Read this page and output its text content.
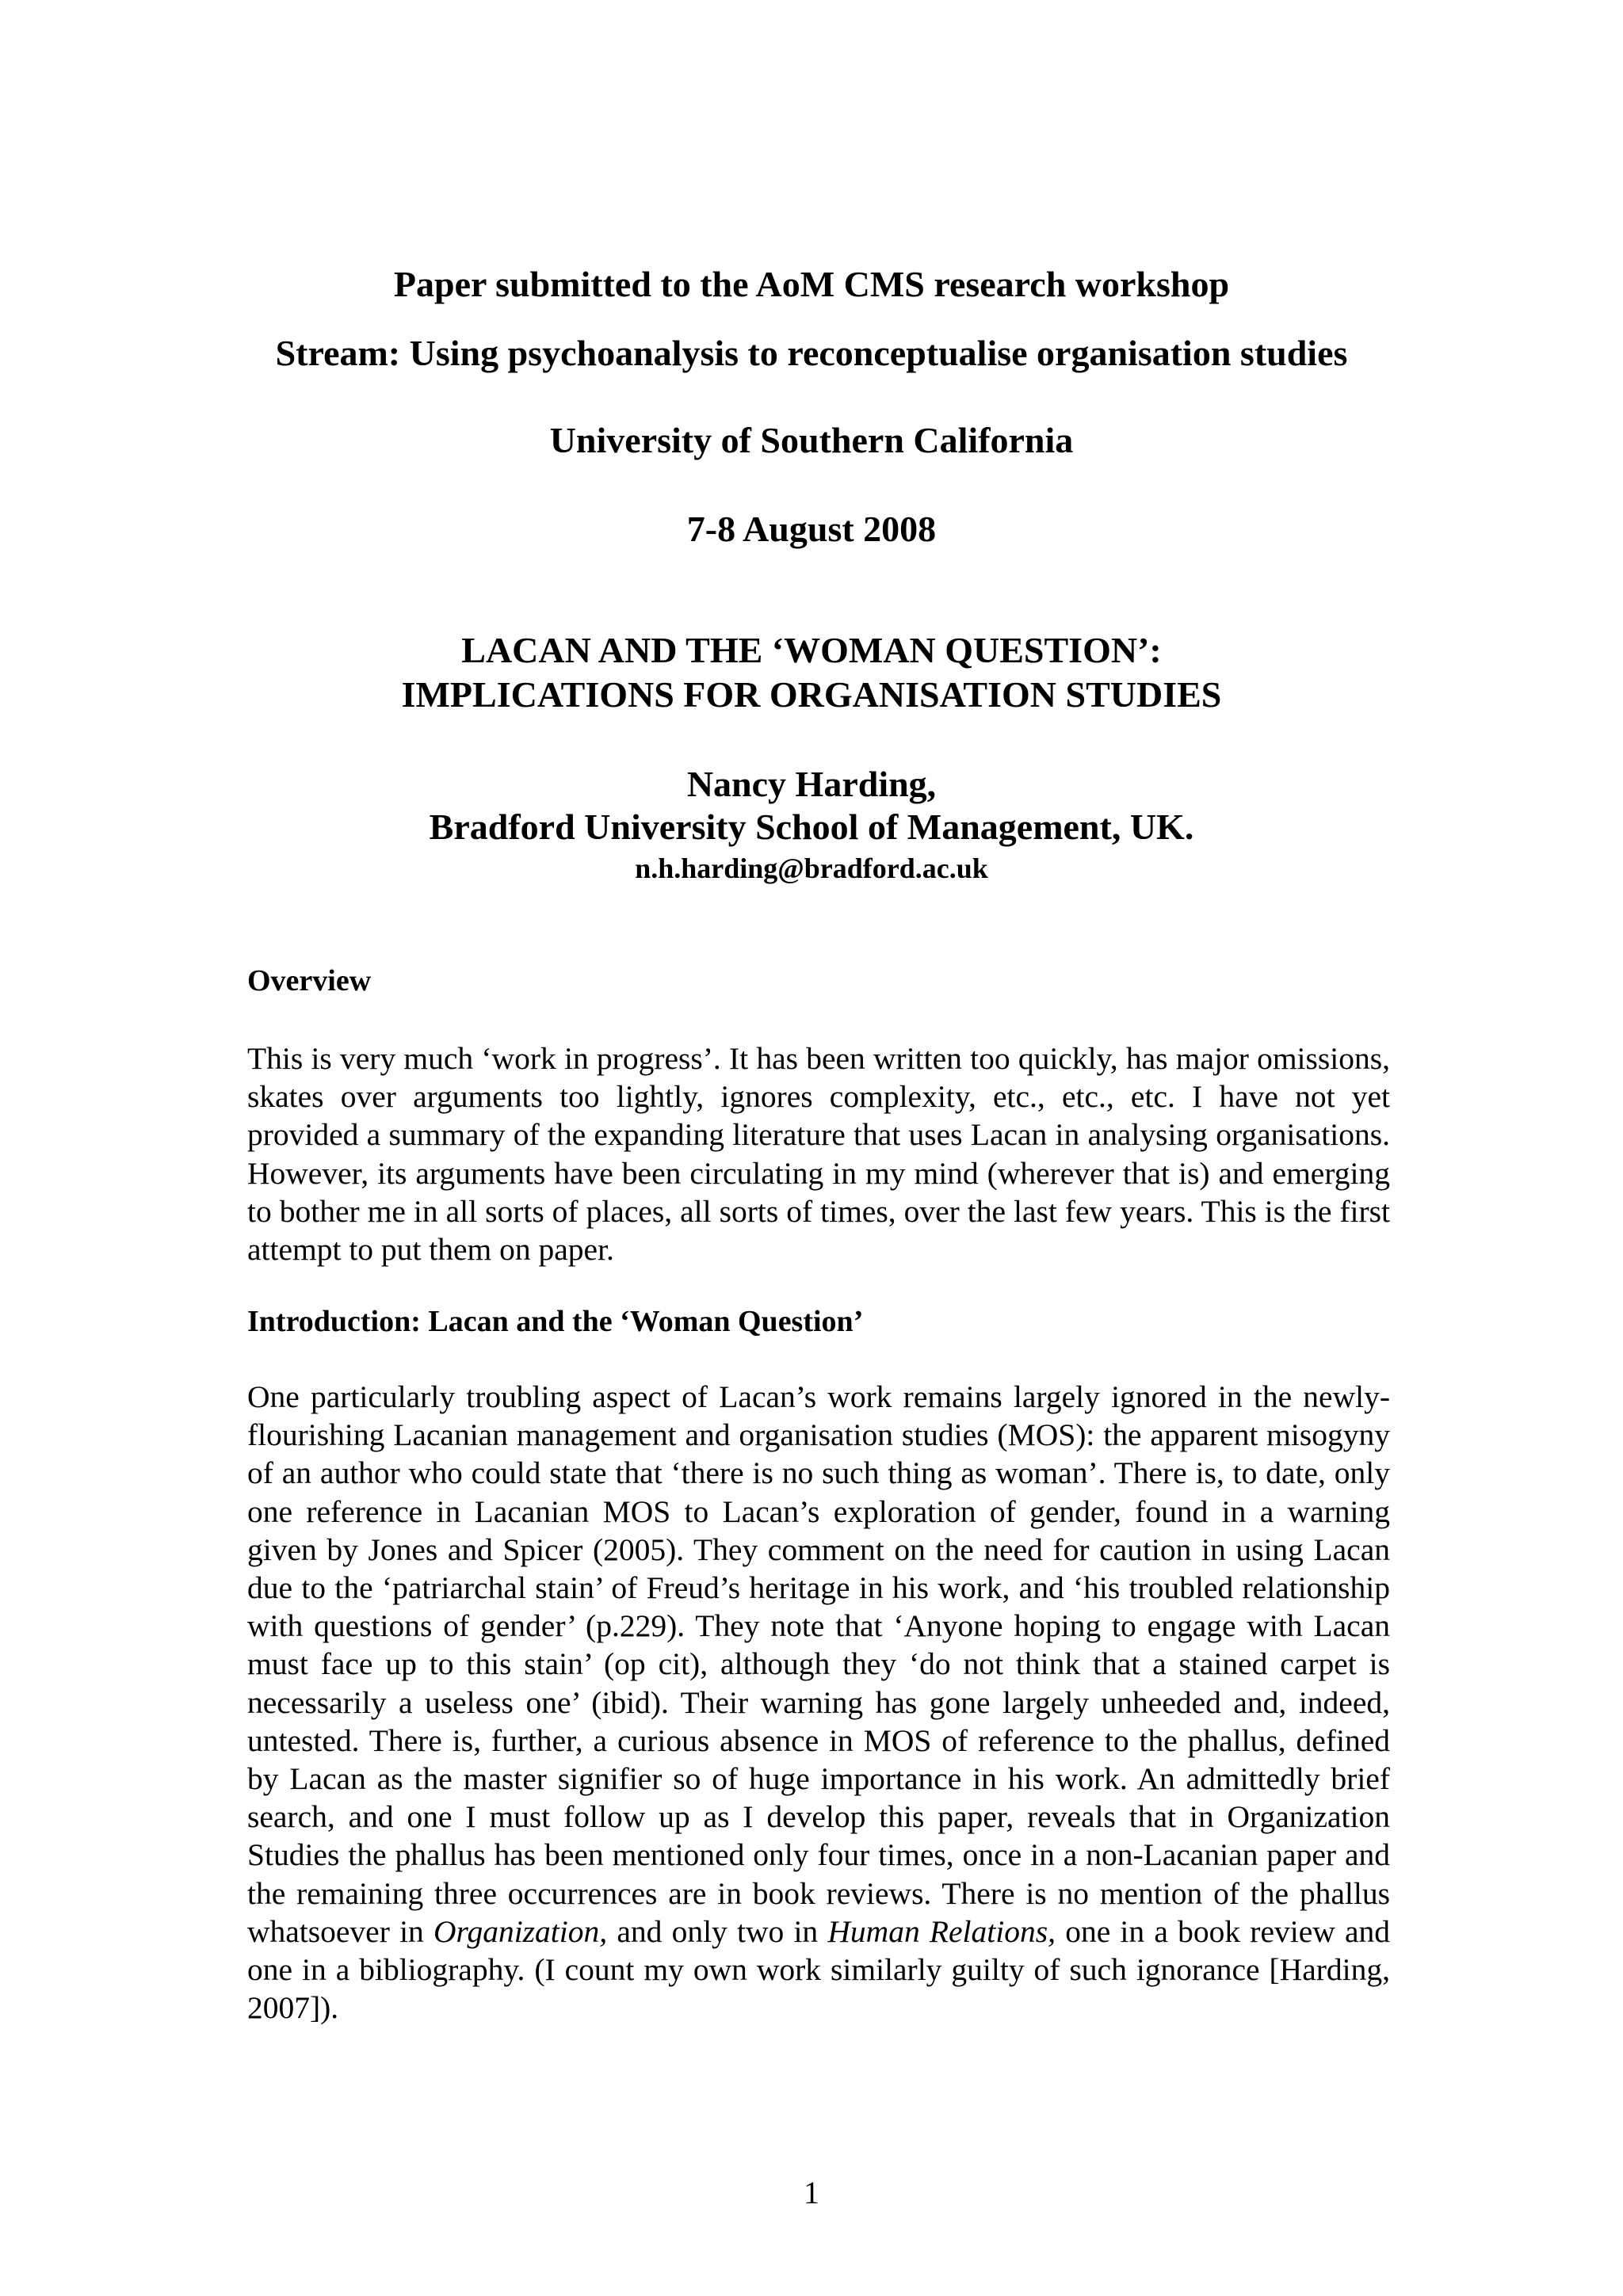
Paper submitted to the AoM CMS research workshop
Stream: Using psychoanalysis to reconceptualise organisation studies
University of Southern California
7-8 August 2008
LACAN AND THE ‘WOMAN QUESTION’:
IMPLICATIONS FOR ORGANISATION STUDIES
Nancy Harding,
Bradford University School of Management, UK.
n.h.harding@bradford.ac.uk
Overview

This is very much ‘work in progress’. It has been written too quickly, has major omissions, skates over arguments too lightly, ignores complexity, etc., etc., etc. I have not yet provided a summary of the expanding literature that uses Lacan in analysing organisations. However, its arguments have been circulating in my mind (wherever that is) and emerging to bother me in all sorts of places, all sorts of times, over the last few years. This is the first attempt to put them on paper.

Introduction: Lacan and the ‘Woman Question’

One particularly troubling aspect of Lacan’s work remains largely ignored in the newly-flourishing Lacanian management and organisation studies (MOS): the apparent misogyny of an author who could state that ‘there is no such thing as woman’. There is, to date, only one reference in Lacanian MOS to Lacan’s exploration of gender, found in a warning given by Jones and Spicer (2005). They comment on the need for caution in using Lacan due to the ‘patriarchal stain’ of Freud’s heritage in his work, and ‘his troubled relationship with questions of gender’ (p.229). They note that ‘Anyone hoping to engage with Lacan must face up to this stain’ (op cit), although they ‘do not think that a stained carpet is necessarily a useless one’ (ibid). Their warning has gone largely unheeded and, indeed, untested. There is, further, a curious absence in MOS of reference to the phallus, defined by Lacan as the master signifier so of huge importance in his work. An admittedly brief search, and one I must follow up as I develop this paper, reveals that in Organization Studies the phallus has been mentioned only four times, once in a non-Lacanian paper and the remaining three occurrences are in book reviews. There is no mention of the phallus whatsoever in Organization, and only two in Human Relations, one in a book review and one in a bibliography. (I count my own work similarly guilty of such ignorance [Harding, 2007]).

1
